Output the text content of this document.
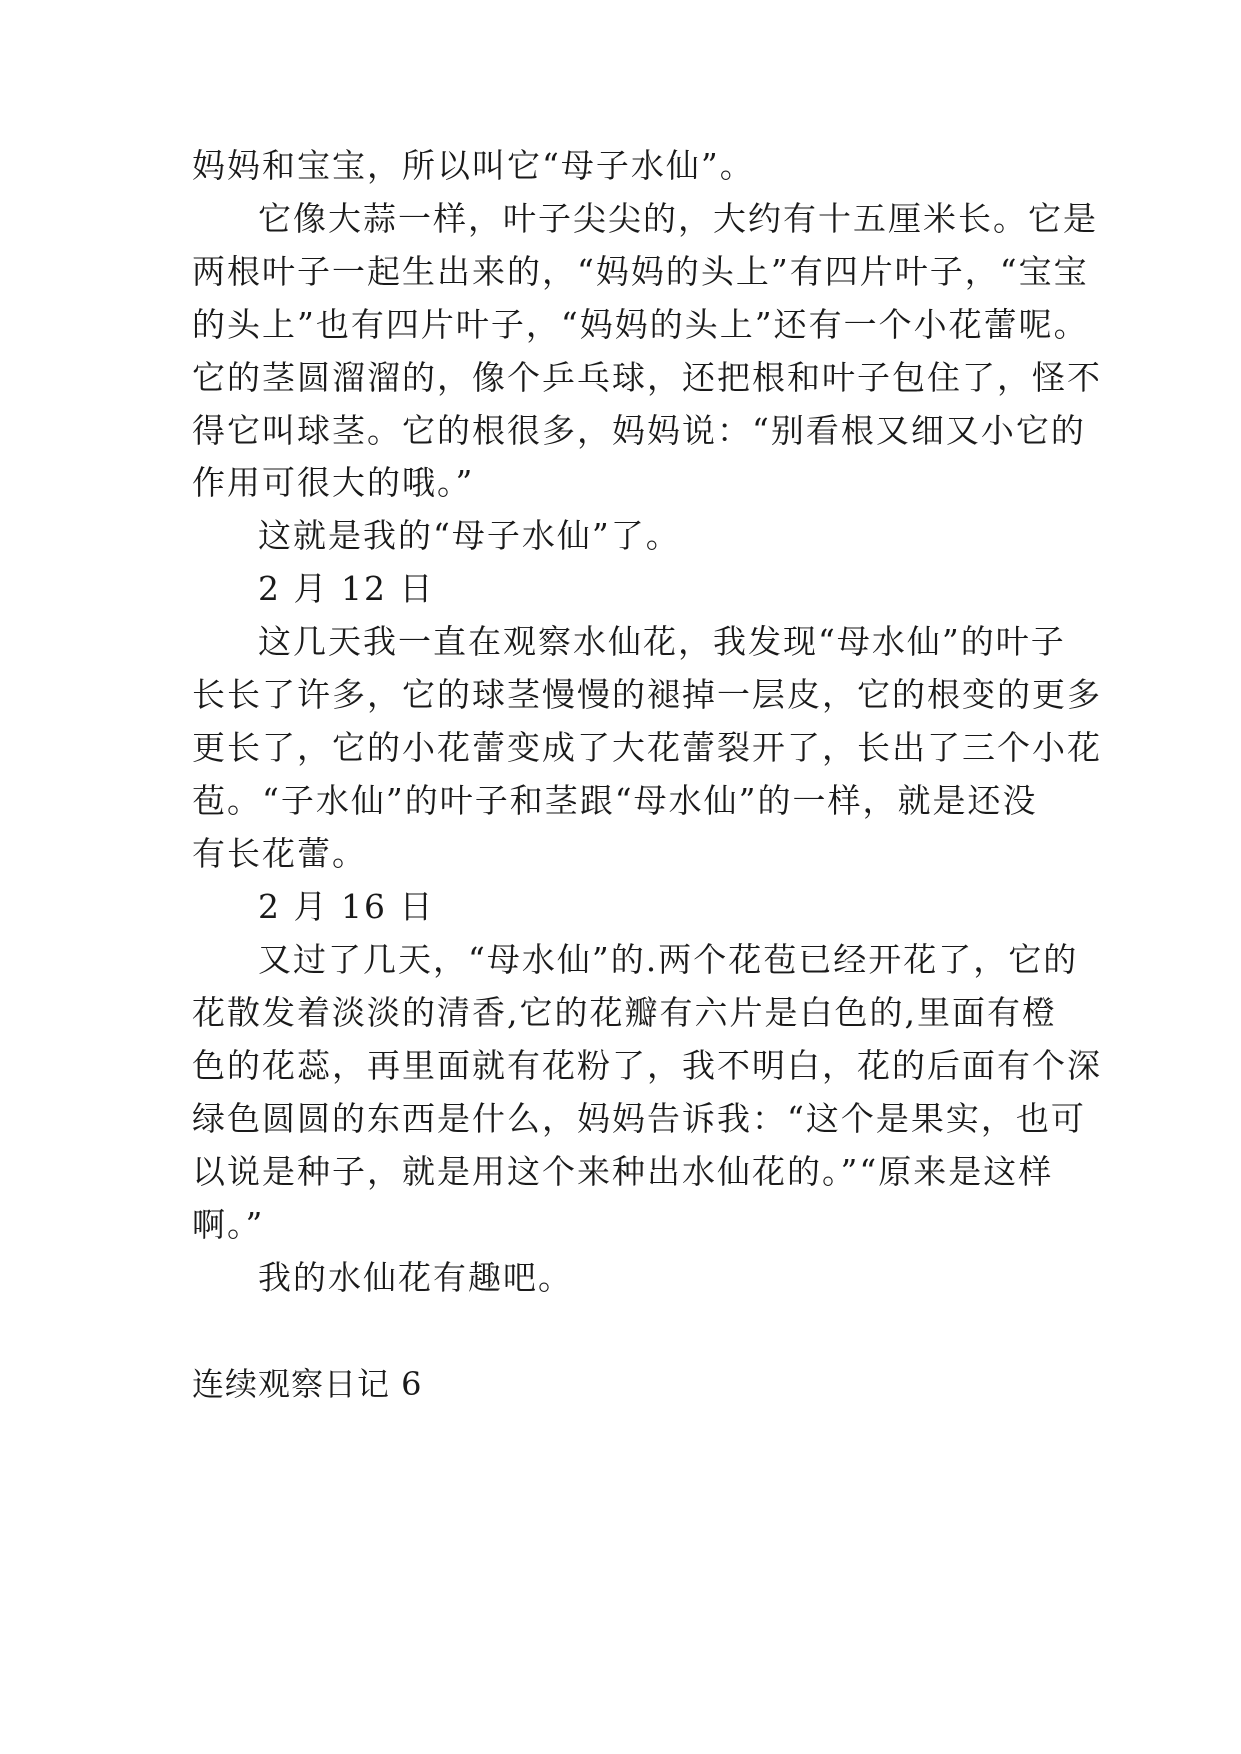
妈妈和宝宝，所以叫它“母子水仙”。
它像大蒜一样，叶子尖尖的，大约有十五厘米长。它是
两根叶子一起生出来的，“妈妈的头上”有四片叶子，“宝宝
的头上”也有四片叶子，“妈妈的头上”还有一个小花蕾呢。
它的茎圆溜溜的，像个乒乓球，还把根和叶子包住了，怪不
得它叫球茎。它的根很多，妈妈说：“别看根又细又小它的
作用可很大的哦。”
这就是我的“母子水仙”了。
2 月 12 日
这几天我一直在观察水仙花，我发现“母水仙”的叶子
长长了许多，它的球茎慢慢的褪掉一层皮，它的根变的更多
更长了，它的小花蕾变成了大花蕾裂开了，长出了三个小花
苞。“子水仙”的叶子和茎跟“母水仙”的一样，就是还没
有长花蕾。
2 月 16 日
又过了几天，“母水仙”的.两个花苞已经开花了，它的
花散发着淡淡的清香,它的花瓣有六片是白色的,里面有橙
色的花蕊，再里面就有花粉了，我不明白，花的后面有个深
绿色圆圆的东西是什么，妈妈告诉我：“这个是果实，也可
以说是种子，就是用这个来种出水仙花的。”“原来是这样
啊。”
我的水仙花有趣吧。
连续观察日记 6
